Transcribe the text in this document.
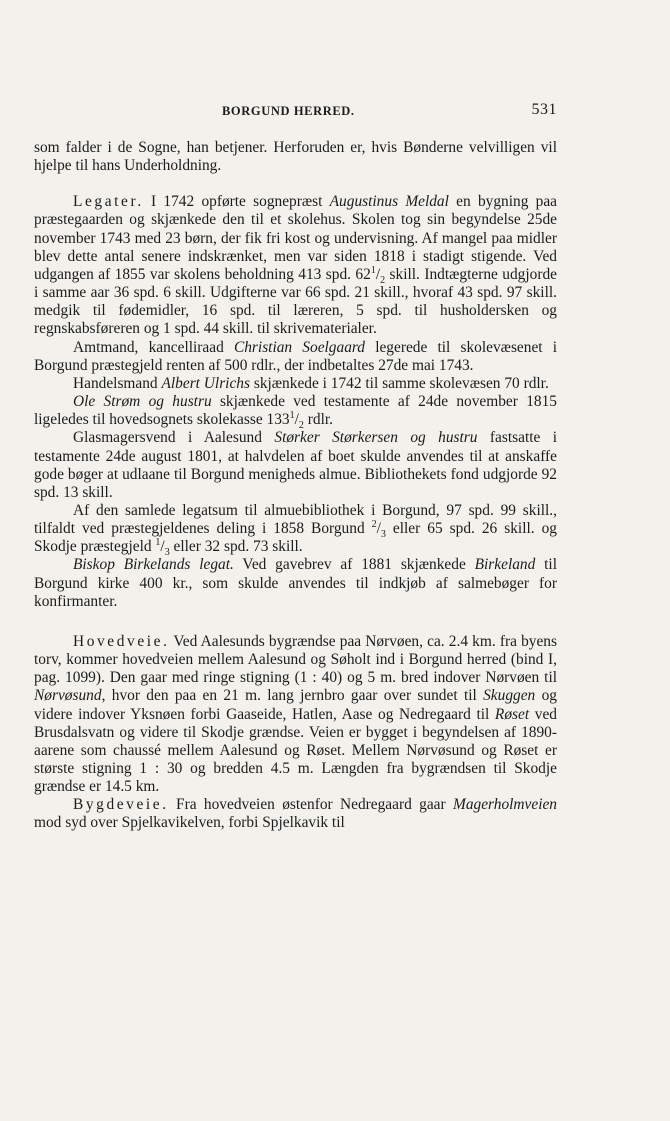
BORGUND HERRED.	531

som falder i de Sogne, han betjener. Herforuden er, hvis Bønderne velvilligen vil hjelpe til hans Underholdning.

Legater. I 1742 opførte sognepræst Augustinus Meldal en bygning paa præstegaarden og skjænkede den til et skolehus. Skolen tog sin begyndelse 25de november 1743 med 23 børn, der fik fri kost og undervisning. Af mangel paa midler blev dette antal senere indskrænket, men var siden 1818 i stadigt stigende. Ved udgangen af 1855 var skolens beholdning 413 spd. $62^1/_2$ skill. Indtægterne udgjorde i samme aar 36 spd. 6 skill. Udgifterne var 66 spd. 21 skill., hvoraf 43 spd. 97 skill. medgik til fødemidler, 16 spd. til læreren, 5 spd. til husholdersken og regnskabsføreren og 1 spd. 44 skill. til skrivematerialer.

Amtmand, kancelliraad Christian Soelgaard legerede til skolevæsenet i Borgund præstegjeld renten af 500 rdlr., der indbetaltes 27de mai 1743.

Handelsmand Albert Ulrichs skjænkede i 1742 til samme skolevæsen 70 rdlr.

Ole Strøm og hustru skjænkede ved testamente af 24de november 1815 ligeledes til hovedsognets skolekasse $133^1/_2$ rdlr.

Glasmagersvend i Aalesund Størker Størkersen og hustru fastsatte i testamente 24de august 1801, at halvdelen af boet skulde anvendes til at anskaffe gode bøger at udlaane til Borgund menigheds almue. Bibliothekets fond udgjorde 92 spd. 13 skill.

Af den samlede legatsum til almuebibliothek i Borgund, 97 spd. 99 skill., tilfaldt ved præstegjeldenes deling i 1858 Borgund $^2/_3$ eller 65 spd. 26 skill. og Skodje præstegjeld $^1/_3$ eller 32 spd. 73 skill.

Biskop Birkelands legat. Ved gavebrev af 1881 skjænkede Birkeland til Borgund kirke 400 kr., som skulde anvendes til indkjøb af salmebøger for konfirmanter.

Hovedveie. Ved Aalesunds bygrændse paa Nørvøen, ca. 2.4 km. fra byens torv, kommer hovedveien mellem Aalesund og Søholt ind i Borgund herred (bind I, pag. 1099). Den gaar med ringe stigning (1 : 40) og 5 m. bred indover Nørvøen til Nørvøsund, hvor den paa en 21 m. lang jernbro gaar over sundet til Skuggen og videre indover Yksnøen forbi Gaaseide, Hatlen, Aase og Nedregaard til Røset ved Brusdalsvatn og videre til Skodje grændse. Veien er bygget i begyndelsen af 1890-aarene som chaussé mellem Aalesund og Røset. Mellem Nørvøsund og Røset er største stigning 1 : 30 og bredden 4.5 m. Længden fra bygrændsen til Skodje grændse er 14.5 km.

Bygdeveie. Fra hovedveien østenfor Nedregaard gaar Magerholmveien mod syd over Spjelkavikelven, forbi Spjelkavik til
